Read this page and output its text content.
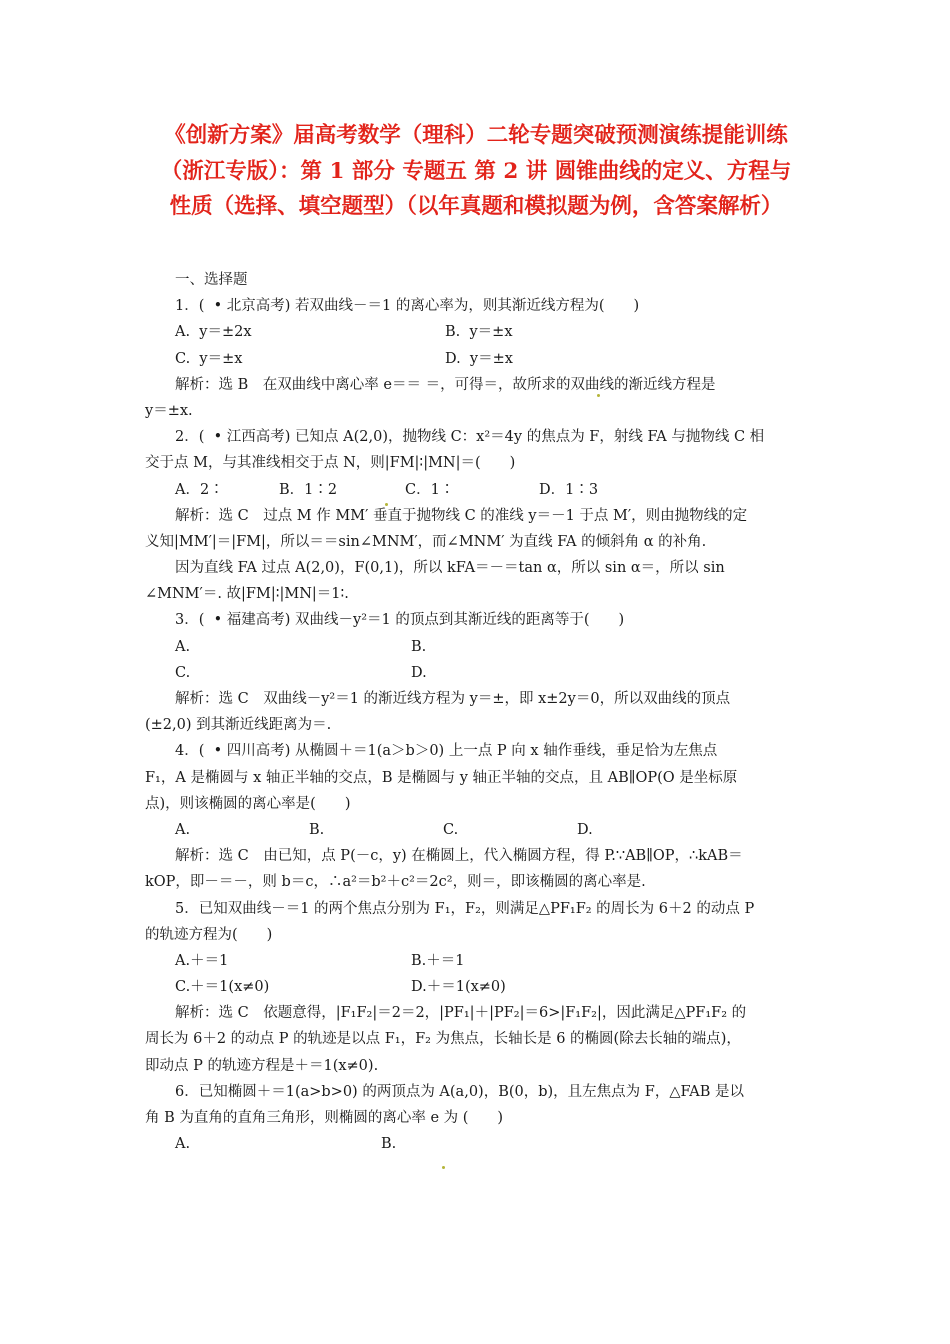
《创新方案》届高考数学（理科）二轮专题突破预测演练提能训练
（浙江专版）：第 1 部分 专题五 第 2 讲 圆锥曲线的定义、方程与
性质（选择、填空题型）（以年真题和模拟题为例，含答案解析）
一、选择题
1．(  • 北京高考) 若双曲线－＝1 的离心率为，则其渐近线方程为(　　)
A.  y＝±2x	B.  y＝±x
C.  y＝±x	D.  y＝±x
解析：选 B　在双曲线中离心率 e＝＝ ＝，可得＝，故所求的双曲线的渐近线方程是
y＝±x.
2．(  • 江西高考) 已知点 A(2,0)，抛物线 C：x²＝4y 的焦点为 F，射线 FA 与抛物线 C 相
交于点 M，与其准线相交于点 N，则|FM|∶|MN|＝(　　)
A．2∶	B．1∶2	C．1∶	D．1∶3
解析：选 C　过点 M 作 MM′ 垂直于抛物线 C 的准线 y＝－1 于点 M′，则由抛物线的定
义知|MM′|＝|FM|，所以＝＝sin∠MNM′，而∠MNM′ 为直线 FA 的倾斜角 α 的补角.
因为直线 FA 过点 A(2,0)，F(0,1)，所以 kFA＝－＝tan α，所以 sin α＝，所以 sin
∠MNM′＝. 故|FM|∶|MN|＝1∶.
3．(  • 福建高考) 双曲线－y²＝1 的顶点到其渐近线的距离等于(　　)
A.	B.
C.	D.
解析：选 C　双曲线－y²＝1 的渐近线方程为 y＝±，即 x±2y＝0，所以双曲线的顶点
(±2,0) 到其渐近线距离为＝.
4．(  • 四川高考) 从椭圆＋＝1(a＞b＞0) 上一点 P 向 x 轴作垂线，垂足恰为左焦点
F₁，A 是椭圆与 x 轴正半轴的交点，B 是椭圆与 y 轴正半轴的交点，且 AB∥OP(O 是坐标原
点)，则该椭圆的离心率是(　　)
A.	B.	C.	D.
解析：选 C　由已知，点 P(－c，y) 在椭圆上，代入椭圆方程，得 P.∵AB∥OP，∴kAB＝
kOP，即－＝－，则 b＝c，∴a²＝b²＋c²＝2c²，则＝，即该椭圆的离心率是.
5．已知双曲线－＝1 的两个焦点分别为 F₁，F₂，则满足△PF₁F₂ 的周长为 6＋2 的动点 P
的轨迹方程为(　　)
A.＋＝1	B.＋＝1
C.＋＝1(x≠0)	D.＋＝1(x≠0)
解析：选 C　依题意得，|F₁F₂|＝2＝2，|PF₁|＋|PF₂|＝6>|F₁F₂|，因此满足△PF₁F₂ 的
周长为 6＋2 的动点 P 的轨迹是以点 F₁，F₂ 为焦点，长轴长是 6 的椭圆(除去长轴的端点)，
即动点 P 的轨迹方程是＋＝1(x≠0).
6．已知椭圆＋＝1(a>b>0) 的两顶点为 A(a,0)，B(0，b)，且左焦点为 F，△FAB 是以
角 B 为直角的直角三角形，则椭圆的离心率 e 为 (　　)
A.	B.
